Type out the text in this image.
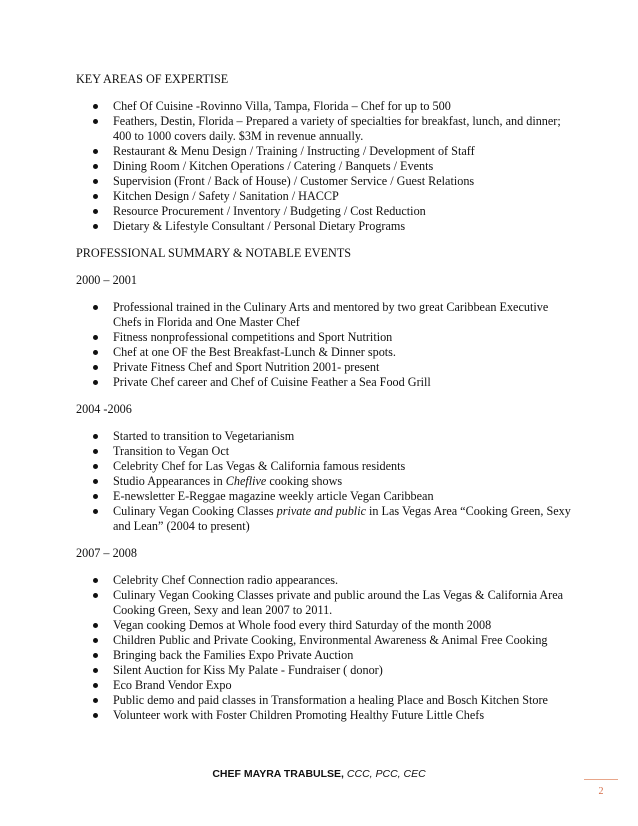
KEY AREAS OF EXPERTISE
Chef Of Cuisine -Rovinno Villa, Tampa, Florida – Chef for up to 500
Feathers, Destin, Florida – Prepared a variety of specialties for breakfast, lunch, and dinner; 400 to 1000 covers daily. $3M in revenue annually.
Restaurant & Menu Design / Training / Instructing / Development of Staff
Dining Room / Kitchen Operations / Catering / Banquets / Events
Supervision (Front / Back of House) / Customer Service / Guest Relations
Kitchen Design / Safety / Sanitation / HACCP
Resource Procurement / Inventory / Budgeting / Cost Reduction
Dietary & Lifestyle Consultant / Personal Dietary Programs
PROFESSIONAL SUMMARY & NOTABLE EVENTS
2000 – 2001
Professional trained in the Culinary Arts and mentored by two great Caribbean Executive Chefs in Florida and One Master Chef
Fitness nonprofessional competitions and Sport Nutrition
Chef at one OF the Best Breakfast-Lunch & Dinner spots.
Private Fitness Chef and Sport Nutrition 2001- present
Private Chef career and Chef of Cuisine Feather a Sea Food Grill
2004 -2006
Started to transition to Vegetarianism
Transition to Vegan Oct
Celebrity Chef for Las Vegas & California famous residents
Studio Appearances in Cheflive cooking shows
E-newsletter E-Reggae magazine weekly article Vegan Caribbean
Culinary Vegan Cooking Classes private and public in Las Vegas Area “Cooking Green, Sexy and Lean” (2004 to present)
2007 – 2008
Celebrity Chef Connection radio appearances.
Culinary Vegan Cooking Classes private and public around the Las Vegas & California Area Cooking Green, Sexy and lean 2007 to 2011.
Vegan cooking Demos at Whole food every third Saturday of the month 2008
Children Public and Private Cooking, Environmental Awareness & Animal Free Cooking
Bringing back the Families Expo Private Auction
Silent Auction for Kiss My Palate - Fundraiser ( donor)
Eco Brand Vendor Expo
Public demo and paid classes in Transformation a healing Place and Bosch Kitchen Store
Volunteer work with Foster Children Promoting Healthy Future Little Chefs
CHEF MAYRA TRABULSE, CCC, PCC, CEC
2
